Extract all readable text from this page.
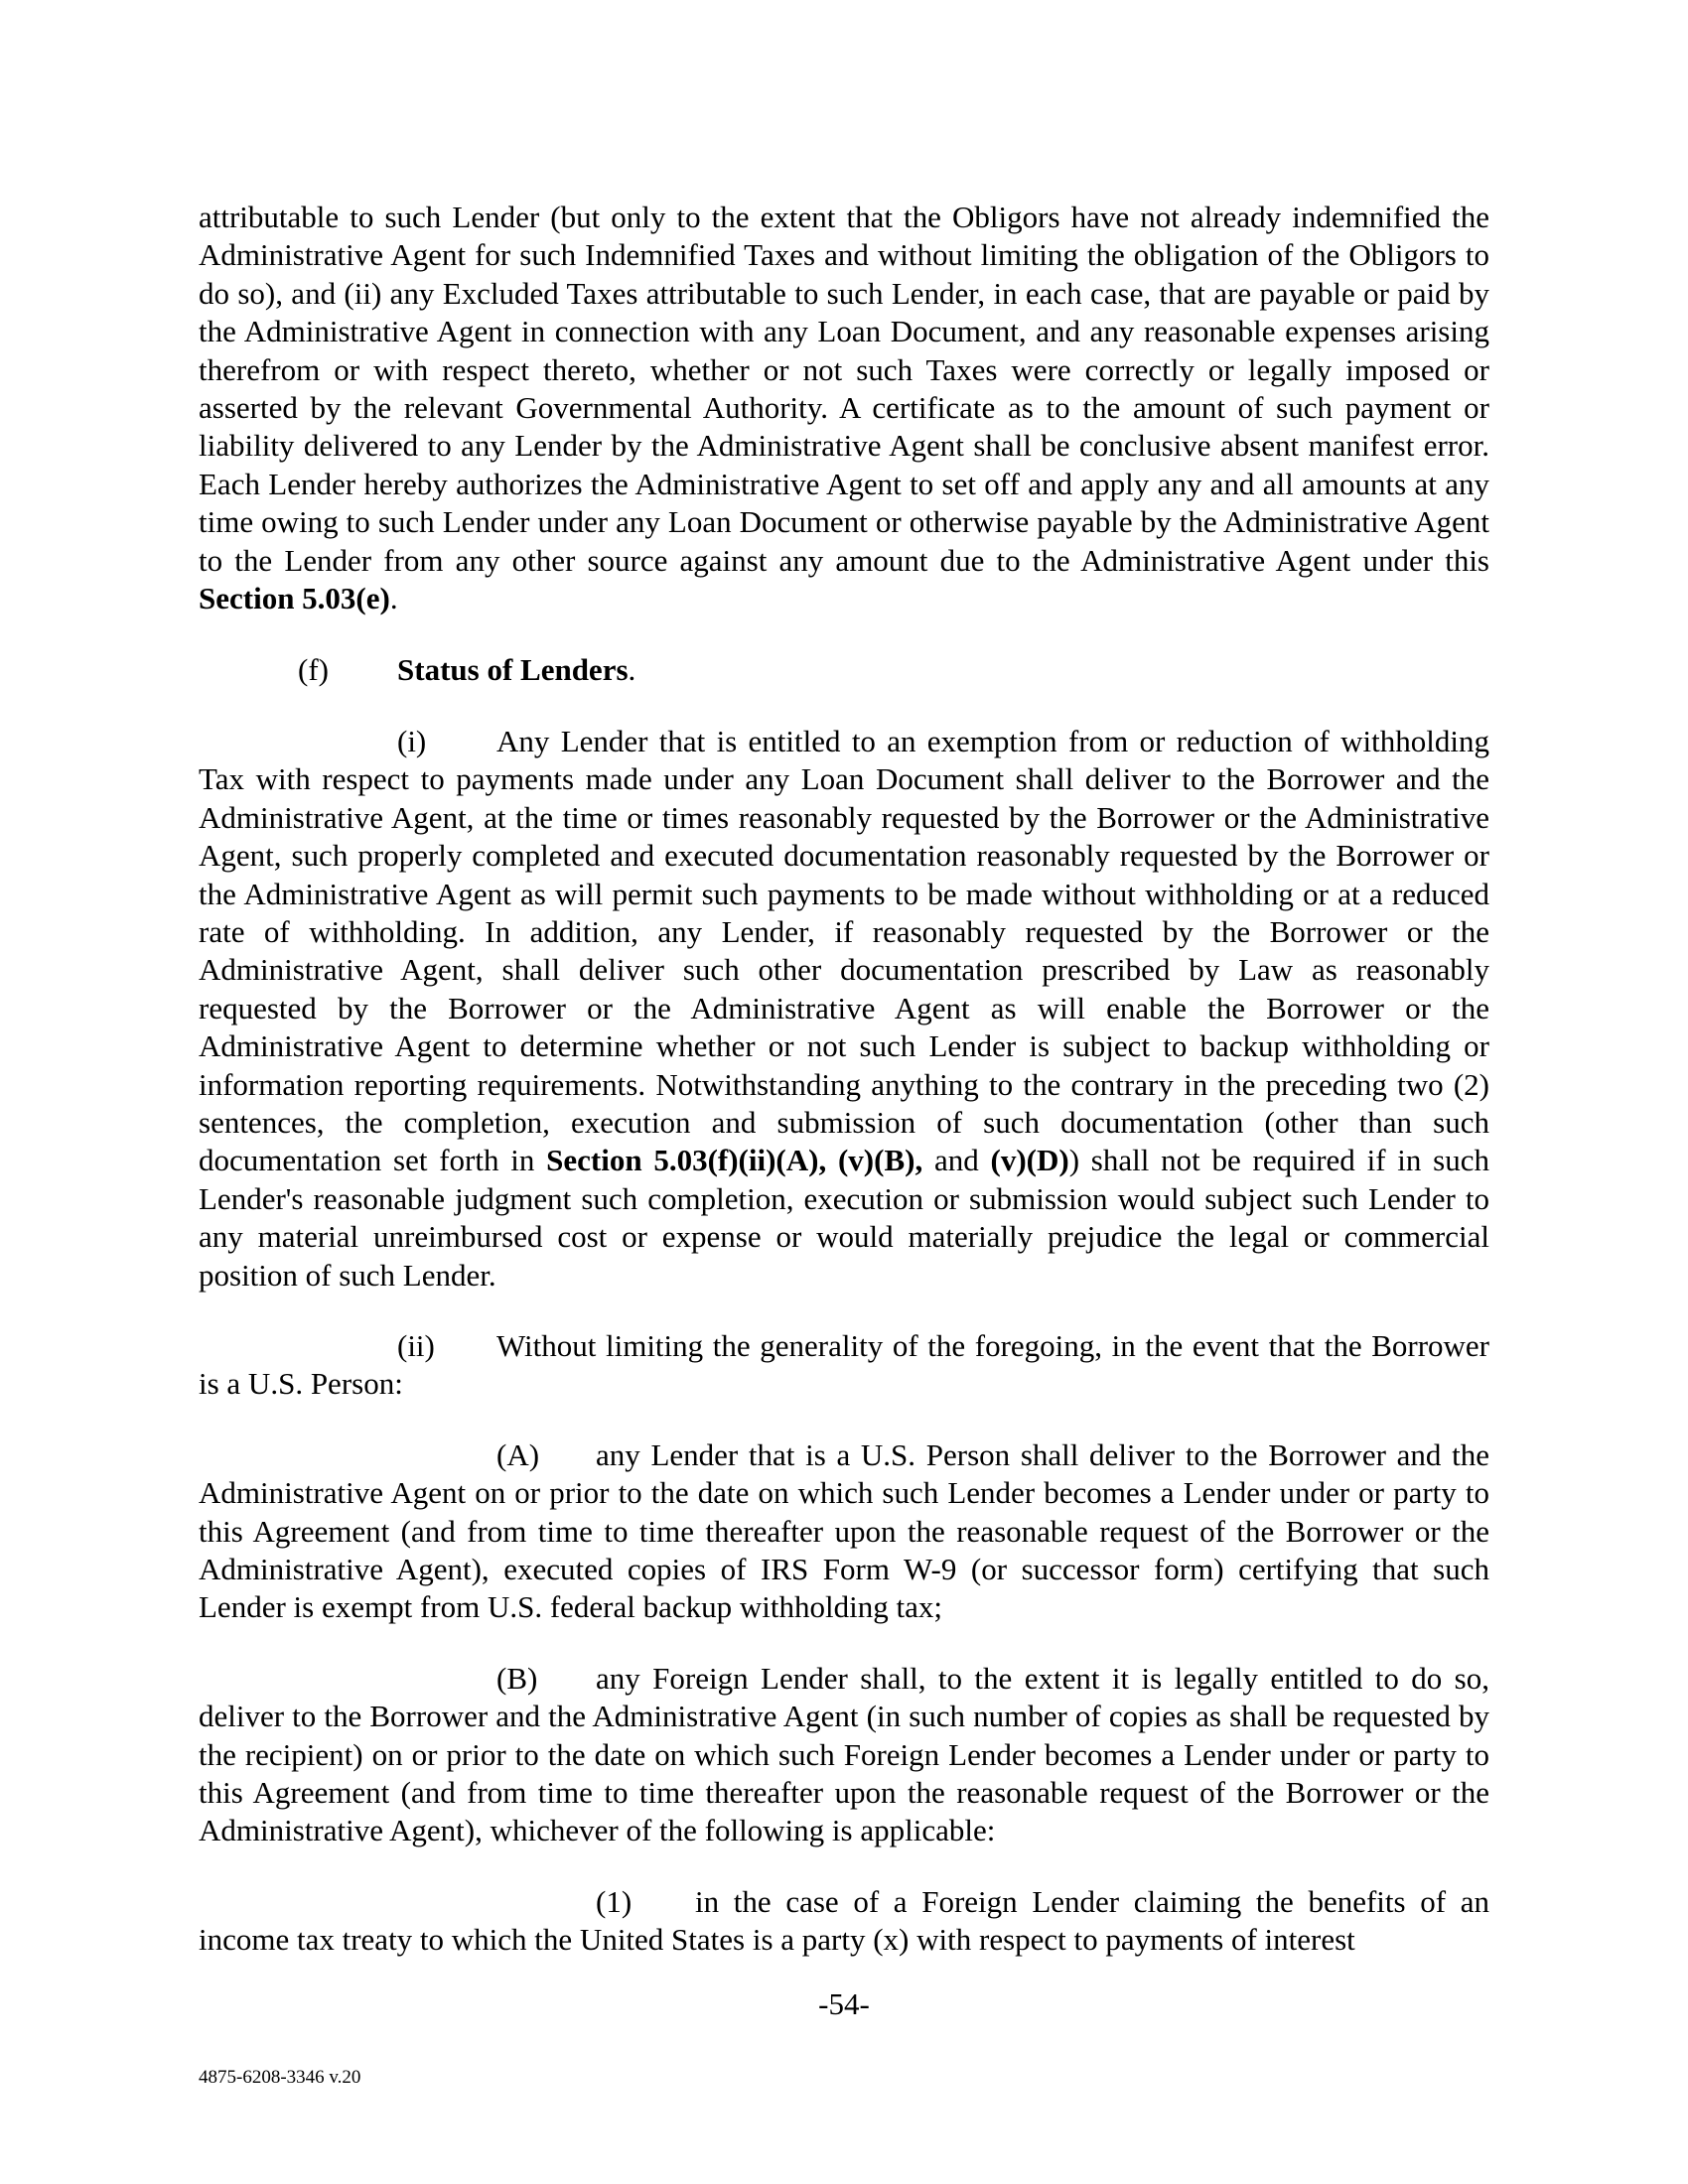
attributable to such Lender (but only to the extent that the Obligors have not already indemnified the Administrative Agent for such Indemnified Taxes and without limiting the obligation of the Obligors to do so), and (ii) any Excluded Taxes attributable to such Lender, in each case, that are payable or paid by the Administrative Agent in connection with any Loan Document, and any reasonable expenses arising therefrom or with respect thereto, whether or not such Taxes were correctly or legally imposed or asserted by the relevant Governmental Authority. A certificate as to the amount of such payment or liability delivered to any Lender by the Administrative Agent shall be conclusive absent manifest error. Each Lender hereby authorizes the Administrative Agent to set off and apply any and all amounts at any time owing to such Lender under any Loan Document or otherwise payable by the Administrative Agent to the Lender from any other source against any amount due to the Administrative Agent under this Section 5.03(e).

(f) Status of Lenders.

(i) Any Lender that is entitled to an exemption from or reduction of withholding Tax with respect to payments made under any Loan Document shall deliver to the Borrower and the Administrative Agent, at the time or times reasonably requested by the Borrower or the Administrative Agent, such properly completed and executed documentation reasonably requested by the Borrower or the Administrative Agent as will permit such payments to be made without withholding or at a reduced rate of withholding. In addition, any Lender, if reasonably requested by the Borrower or the Administrative Agent, shall deliver such other documentation prescribed by Law as reasonably requested by the Borrower or the Administrative Agent as will enable the Borrower or the Administrative Agent to determine whether or not such Lender is subject to backup withholding or information reporting requirements. Notwithstanding anything to the contrary in the preceding two (2) sentences, the completion, execution and submission of such documentation (other than such documentation set forth in Section 5.03(f)(ii)(A), (v)(B), and (v)(D)) shall not be required if in such Lender's reasonable judgment such completion, execution or submission would subject such Lender to any material unreimbursed cost or expense or would materially prejudice the legal or commercial position of such Lender.

(ii) Without limiting the generality of the foregoing, in the event that the Borrower is a U.S. Person:

(A) any Lender that is a U.S. Person shall deliver to the Borrower and the Administrative Agent on or prior to the date on which such Lender becomes a Lender under or party to this Agreement (and from time to time thereafter upon the reasonable request of the Borrower or the Administrative Agent), executed copies of IRS Form W-9 (or successor form) certifying that such Lender is exempt from U.S. federal backup withholding tax;

(B) any Foreign Lender shall, to the extent it is legally entitled to do so, deliver to the Borrower and the Administrative Agent (in such number of copies as shall be requested by the recipient) on or prior to the date on which such Foreign Lender becomes a Lender under or party to this Agreement (and from time to time thereafter upon the reasonable request of the Borrower or the Administrative Agent), whichever of the following is applicable:

(1) in the case of a Foreign Lender claiming the benefits of an income tax treaty to which the United States is a party (x) with respect to payments of interest

-54-
4875-6208-3346 v.20
